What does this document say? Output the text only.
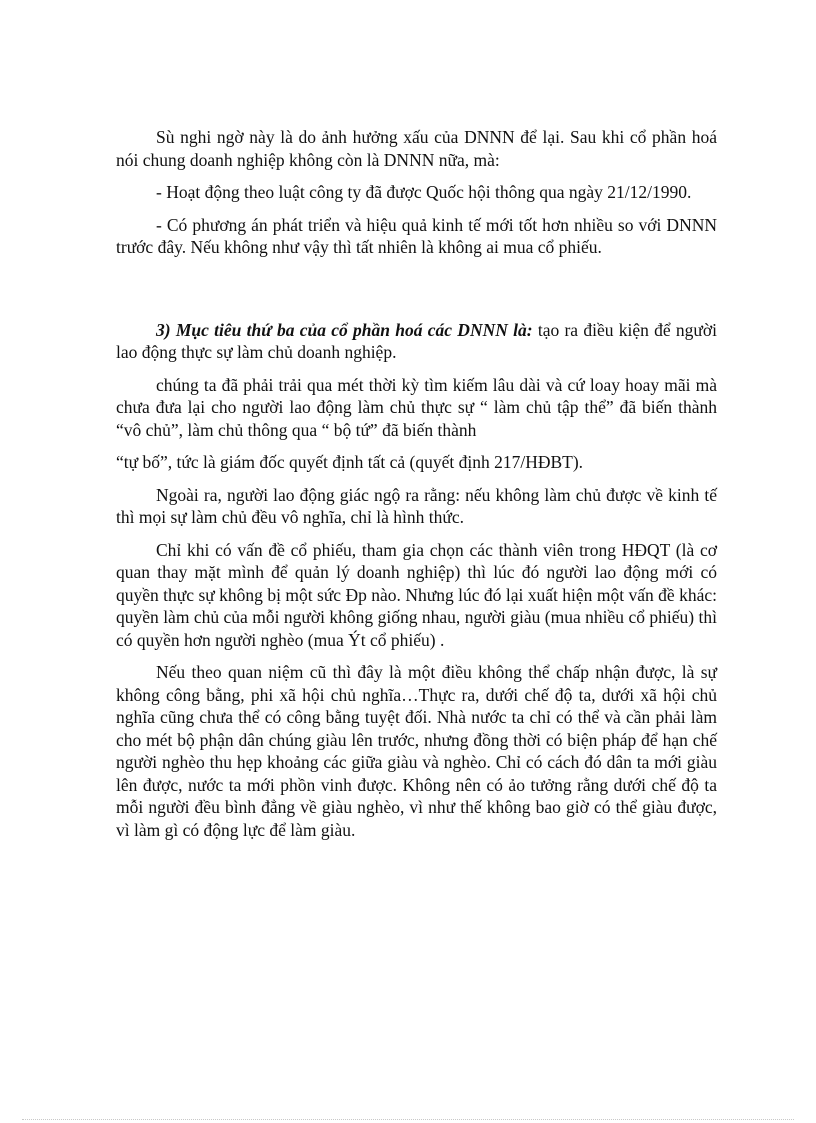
Sù nghi ngờ này là do ảnh hưởng xấu của DNNN để lại. Sau khi cổ phần hoá nói chung doanh nghiệp không còn là DNNN nữa, mà:

- Hoạt động theo luật công ty đã được Quốc hội thông qua ngày 21/12/1990.

- Có phương án phát triển và hiệu quả kinh tế mới tốt hơn nhiều so với DNNN trước đây. Nếu không như vậy thì tất nhiên là không ai mua cổ phiếu.

3) Mục tiêu thứ ba của cổ phần hoá các DNNN là: tạo ra điều kiện để người lao động thực sự làm chủ doanh nghiệp.

chúng ta đã phải trải qua mét thời kỳ tìm kiếm lâu dài và cứ loay hoay mãi mà chưa đưa lại cho người lao động làm chủ thực sự “ làm chủ tập thể” đã biến thành “vô chủ”, làm chủ thông qua “ bộ tứ” đã biến thành

“tự bố”, tức là giám đốc quyết định tất cả (quyết định 217/HĐBT).

Ngoài ra, người lao động giác ngộ ra rằng: nếu không làm chủ được về kinh tế thì mọi sự làm chủ đều vô nghĩa, chỉ là hình thức.

Chỉ khi có vấn đề cổ phiếu, tham gia chọn các thành viên trong HĐQT (là cơ quan thay mặt mình để quản lý doanh nghiệp) thì lúc đó người lao động mới có quyền thực sự không bị một sức Ðp nào. Nhưng lúc đó lại xuất hiện một vấn đề khác: quyền làm chủ của mỗi người không giống nhau, người giàu (mua nhiều cổ phiếu) thì có quyền hơn người nghèo (mua Ýt cổ phiếu) .

Nếu theo quan niệm cũ thì đây là một điều không thể chấp nhận được, là sự không công bằng, phi xã hội chủ nghĩa…Thực ra, dưới chế độ ta, dưới xã hội chủ nghĩa cũng chưa thể có công bằng tuyệt đối. Nhà nước ta chỉ có thể và cần phải làm cho mét bộ phận dân chúng giàu lên trước, nhưng đồng thời có biện pháp để hạn chế người nghèo thu hẹp khoảng các giữa giàu và nghèo. Chỉ có cách đó dân ta mới giàu lên được, nước ta mới phồn vinh được. Không nên có ảo tưởng rằng dưới chế độ ta mỗi người đều bình đẳng về giàu nghèo, vì như thế không bao giờ có thể giàu được, vì làm gì có động lực để làm giàu.
